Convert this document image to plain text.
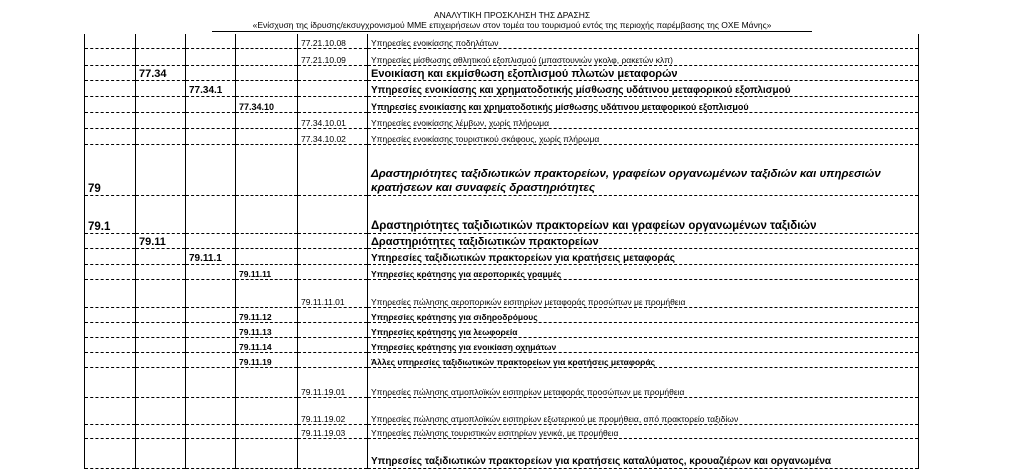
ΑΝΑΛΥΤΙΚΗ ΠΡΟΣΚΛΗΣΗ ΤΗΣ ΔΡΑΣΗΣ
«Ενίσχυση της ίδρυσης/εκσυγχρονισμού ΜΜΕ επιχειρήσεων στον τομέα του τουρισμού εντός της περιοχής παρέμβασης της ΟΧΕ Μάνης»
				77.21.10.08	Υπηρεσίες ενοικίασης ποδηλάτων
				77.21.10.09	Υπηρεσίες μίσθωσης αθλητικού εξοπλισμού (μπαστουνιών γκολφ, ρακετών κλπ)
	77.34				Ενοικίαση και εκμίσθωση εξοπλισμού πλωτών μεταφορών
		77.34.1			Υπηρεσίες ενοικίασης και χρηματοδοτικής μίσθωσης υδάτινου μεταφορικού εξοπλισμού
			77.34.10		Υπηρεσίες ενοικίασης και χρηματοδοτικής μίσθωσης υδάτινου μεταφορικού εξοπλισμού
				77.34.10.01	Υπηρεσίες ενοικίασης λέμβων, χωρίς πλήρωμα
				77.34.10.02	Υπηρεσίες ενοικίασης τουριστικού σκάφους, χωρίς πλήρωμα
79					Δραστηριότητες ταξιδιωτικών πρακτορείων, γραφείων οργανωμένων ταξιδιών και υπηρεσιών κρατήσεων και συναφείς δραστηριότητες
79.1					Δραστηριότητες ταξιδιωτικών πρακτορείων και γραφείων οργανωμένων ταξιδιών
	79.11				Δραστηριότητες ταξιδιωτικών πρακτορείων
		79.11.1			Υπηρεσίες ταξιδιωτικών πρακτορείων για κρατήσεις μεταφοράς
			79.11.11		Υπηρεσίες κράτησης για αεροπορικές γραμμές
				79.11.11.01	Υπηρεσίες πώλησης αεροπορικών εισιτηρίων μεταφοράς προσώπων με προμήθεια
			79.11.12		Υπηρεσίες κράτησης για σιδηροδρόμους
			79.11.13		Υπηρεσίες κράτησης για λεωφορεία
			79.11.14		Υπηρεσίες κράτησης για ενοικίαση οχημάτων
			79.11.19		Άλλες υπηρεσίες ταξιδιωτικών πρακτορείων για κρατήσεις μεταφοράς
				79.11.19.01	Υπηρεσίες πώλησης ατμοπλοϊκών εισιτηρίων μεταφοράς προσώπων με προμήθεια
				79.11.19.02	Υπηρεσίες πώλησης ατμοπλοϊκών εισιτηρίων εξωτερικού με προμήθεια, από πρακτορείο ταξιδίων
				79.11.19.03	Υπηρεσίες πώλησης τουριστικών εισιτηρίων γενικά, με προμήθεια
					Υπηρεσίες ταξιδιωτικών πρακτορείων για κρατήσεις καταλύματος, κρουαζιέρων και οργανωμένα
